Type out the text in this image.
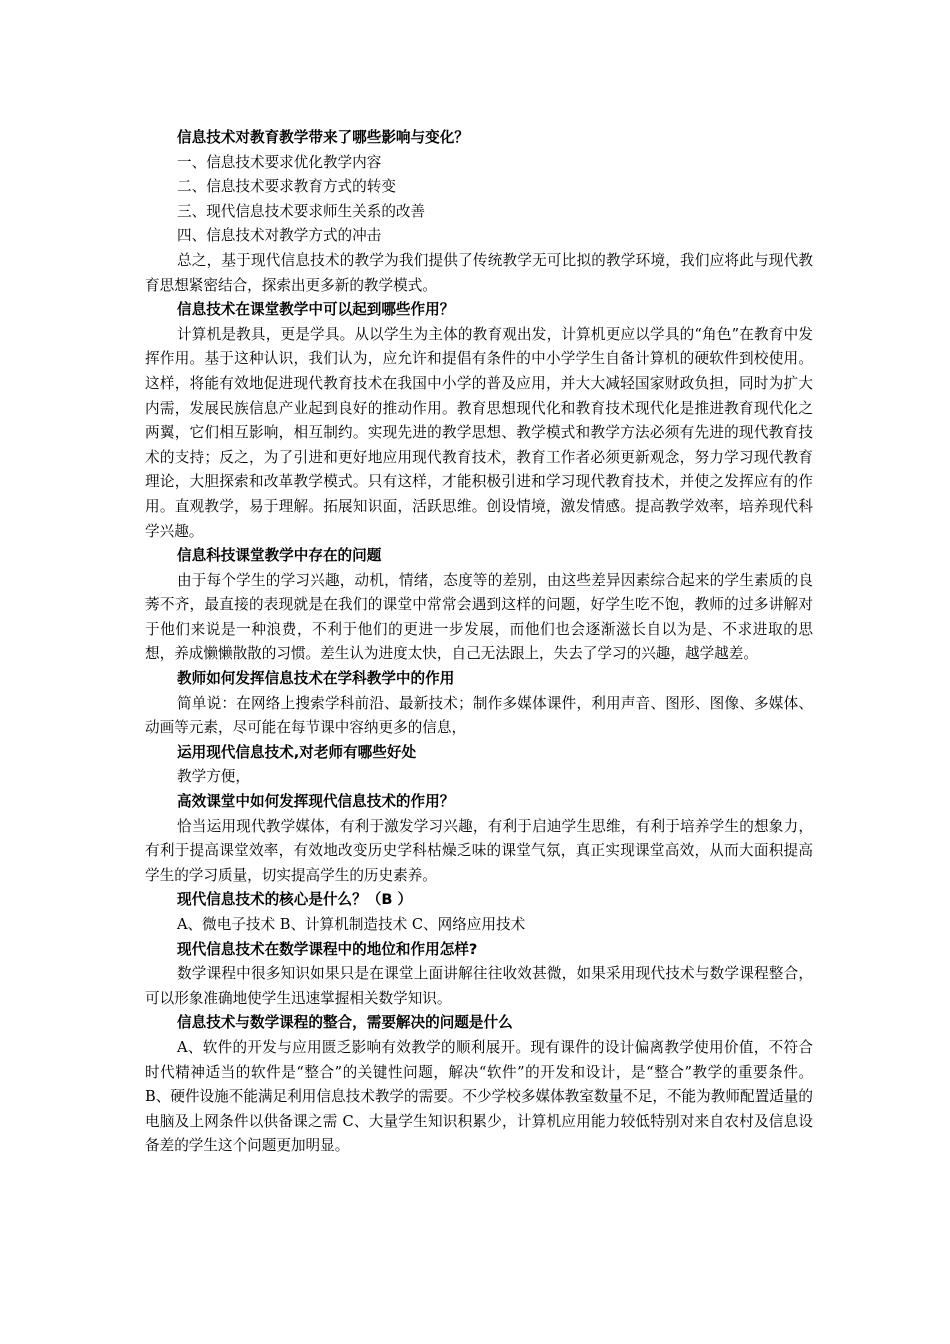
信息技术对教育教学带来了哪些影响与变化？

一、信息技术要求优化教学内容

二、信息技术要求教育方式的转变

三、现代信息技术要求师生关系的改善

四、信息技术对教学方式的冲击

总之，基于现代信息技术的教学为我们提供了传统教学无可比拟的教学环境，我们应将此与现代教育思想紧密结合，探索出更多新的教学模式。

信息技术在课堂教学中可以起到哪些作用？

计算机是教具，更是学具。从以学生为主体的教育观出发，计算机更应以学具的“角色”在教育中发挥作用。基于这种认识，我们认为，应允许和提倡有条件的中小学学生自备计算机的硬软件到校使用。这样，将能有效地促进现代教育技术在我国中小学的普及应用，并大大减轻国家财政负担，同时为扩大内需，发展民族信息产业起到良好的推动作用。教育思想现代化和教育技术现代化是推进教育现代化之两翼，它们相互影响，相互制约。实现先进的教学思想、教学模式和教学方法必须有先进的现代教育技术的支持；反之，为了引进和更好地应用现代教育技术，教育工作者必须更新观念，努力学习现代教育理论，大胆探索和改革教学模式。只有这样，才能积极引进和学习现代教育技术，并使之发挥应有的作用。直观教学，易于理解。拓展知识面，活跃思维。创设情境，激发情感。提高教学效率，培养现代科学兴趣。

信息科技课堂教学中存在的问题

由于每个学生的学习兴趣，动机，情绪，态度等的差别，由这些差异因素综合起来的学生素质的良莠不齐，最直接的表现就是在我们的课堂中常常会遇到这样的问题，好学生吃不饱，教师的过多讲解对于他们来说是一种浪费，不利于他们的更进一步发展，而他们也会逐渐滋长自以为是、不求进取的思想，养成懒懒散散的习惯。差生认为进度太快，自己无法跟上，失去了学习的兴趣，越学越差。

教师如何发挥信息技术在学科教学中的作用

简单说：在网络上搜索学科前沿、最新技术；制作多媒体课件，利用声音、图形、图像、多媒体、动画等元素，尽可能在每节课中容纳更多的信息，

运用现代信息技术,对老师有哪些好处

教学方便，

高效课堂中如何发挥现代信息技术的作用？

恰当运用现代教学媒体，有利于激发学习兴趣，有利于启迪学生思维，有利于培养学生的想象力，有利于提高课堂效率，有效地改变历史学科枯燥乏味的课堂气氛，真正实现课堂高效，从而大面积提高学生的学习质量，切实提高学生的历史素养。

现代信息技术的核心是什么？（B ）

A、微电子技术 B、计算机制造技术 C、网络应用技术

现代信息技术在数学课程中的地位和作用怎样?

数学课程中很多知识如果只是在课堂上面讲解往往收效甚微，如果采用现代技术与数学课程整合，可以形象准确地使学生迅速掌握相关数学知识。

信息技术与数学课程的整合，需要解决的问题是什么

A、软件的开发与应用匮乏影响有效教学的顺利展开。现有课件的设计偏离教学使用价值，不符合时代精神适当的软件是“整合”的关键性问题，解决“软件”的开发和设计，是“整合”教学的重要条件。B、硬件设施不能满足利用信息技术教学的需要。不少学校多媒体教室数量不足，不能为教师配置适量的电脑及上网条件以供备课之需 C、大量学生知识积累少，计算机应用能力较低特别对来自农村及信息设备差的学生这个问题更加明显。
